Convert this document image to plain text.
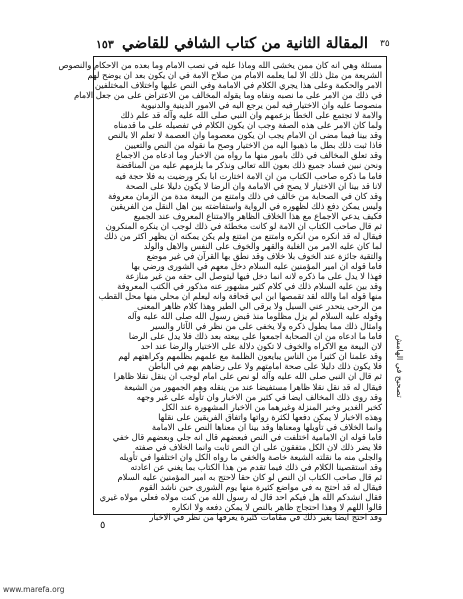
١٥٣ المقالة الثانية من كتاب الشافي للقاضي ٣٥
مسئلة وهي انه كان ممن يخشى الله وماذا عليه في نصب الامام وما بعده من الاحكام والنصوص
الشريعة من مثل ذلك الا لما يعلمه الامام من صلاح الامة في ان يكون بعد ان يوضح لهم
الامر والحكمة وعلى هذا يجري الكلام في الامامة وفي النص عليها واختلاف المختلفين
في ذلك من الامر على ما نصبه ونفاه وما يقوله المخالف من الاعتراض على من جعل الامام
منصوصا عليه وان الاختيار فيه لمن يرجع اليه في الامور الدينية والدنيوية
والامة لا تجتمع على الخطأ بزعمهم وان النبي صلى الله عليه وآله قد علم ذلك
ولما كان الامر على هذه الصفة وجب ان يكون الكلام في تفصيله على ما قدمناه
وقد بينا فيما مضى ان الامام يجب ان يكون معصوما وان العصمة لا تعلم الا بالنص
فاذا ثبت ذلك بطل ما ذهبوا اليه من الاختيار وصح ما نقوله من النص والتعيين
وقد تعلق المخالف في ذلك بامور منها ما رواه من الاخبار وما ادعاه من الاجماع
ونحن نبين فساد جميع ذلك بعون الله تعالى ونذكر ما يلزمهم عليه من المناقضة
فاما ما ذكره صاحب الكتاب من ان الامة اختارت ابا بكر ورضيت به فلا حجة فيه
لانا قد بينا ان الاختيار لا يصح في الامامة وان الرضا لا يكون دليلا على الصحة
وقد كان في الصحابة من خالف في ذلك وامتنع من البيعة مدة من الزمان معروفة
وليس يمكن دفع ذلك لظهوره في الرواية واستفاضته بين اهل النقل من الفريقين
فكيف يدعي الاجماع مع هذا الخلاف الظاهر والامتناع المعروف عند الجميع
ثم قال صاحب الكتاب ان الامة لو كانت مخطئة في ذلك لوجب ان ينكره المنكرون
فيقال له قد انكره من انكره وامتنع من امتنع ولم يكن يمكنه ان يظهر اكثر من ذلك
لما كان عليه الامر من الغلبة والقهر والخوف على النفس والاهل والولد
والتقية جائزة عند الخوف بلا خلاف وقد نطق بها القرآن في غير موضع
فاما قوله ان امير المؤمنين عليه السلام دخل معهم في الشورى ورضي بها
فهذا لا يدل على ما ذكره لانه انما دخل فيها ليتوصل الى حقه من غير منازعة
وقد بين عليه السلام ذلك في كلام كثير مشهور عنه مذكور في الكتب المعروفة
منها قوله اما والله لقد تقمصها ابن ابي قحافة وانه ليعلم ان محلي منها محل القطب
من الرحى ينحدر عني السيل ولا يرقى الي الطير وهذا كلام ظاهر المعنى
وقوله عليه السلام لم يزل مظلوما منذ قبض رسول الله صلى الله عليه وآله
وامثال ذلك مما يطول ذكره ولا يخفى على من نظر في الآثار والسير
فاما ما ادعاه من ان الصحابة اجمعوا على بيعته بعد ذلك فلا يدل على الرضا
لان البيعة مع الاكراه والخوف لا تكون دلالة على الاختيار والرضا عند احد
وقد علمنا ان كثيرا من الناس يبايعون الظلمة مع علمهم بظلمهم وكراهتهم لهم
فلا يكون ذلك دليلا على صحة امامتهم ولا على رضاهم بهم في الباطن
ثم قال ان النبي صلى الله عليه وآله لو نص على امام لوجب ان ينقل نقلا ظاهرا
فيقال له قد نقل نقلا ظاهرا مستفيضا عند من ينقله وهم الجمهور من الشيعة
وقد روى ذلك المخالف ايضا في كثير من الاخبار وان تأوله على غير وجهه
كخبر الغدير وخبر المنزلة وغيرهما من الاخبار المشهورة عند الكل
وهذه الاخبار لا يمكن دفعها لكثرة رواتها واتفاق الفريقين على نقلها
وانما الخلاف في تأويلها ومعناها وقد بينا ان معناها النص على الامامة
فاما قوله ان الامامية اختلفت في النص فبعضهم قال انه جلي وبعضهم قال خفي
فلا يضر ذلك لان الكل متفقون على ان النص ثابت وانما الخلاف في صفته
والجلي منه ما نقلته الشيعة خاصة والخفي ما رواه الكل وان اختلفوا في تأويله
وقد استقصينا الكلام في ذلك فيما تقدم من هذا الكتاب بما يغني عن اعادته
ثم قال صاحب الكتاب ان النص لو كان حقا لاحتج به امير المؤمنين عليه السلام
فيقال له قد احتج به في مواضع كثيرة منها يوم الشورى حين ناشد القوم
فقال انشدكم الله هل فيكم احد قال له رسول الله من كنت مولاه فعلي مولاه غيري
قالوا اللهم لا وهذا احتجاج ظاهر بالنص لا يمكن دفعه ولا انكاره
وقد احتج ايضا بغير ذلك في مقامات كثيرة يعرفها من نظر في الاخبار
تصحيح في الهامش
٥
www.marefa.org
